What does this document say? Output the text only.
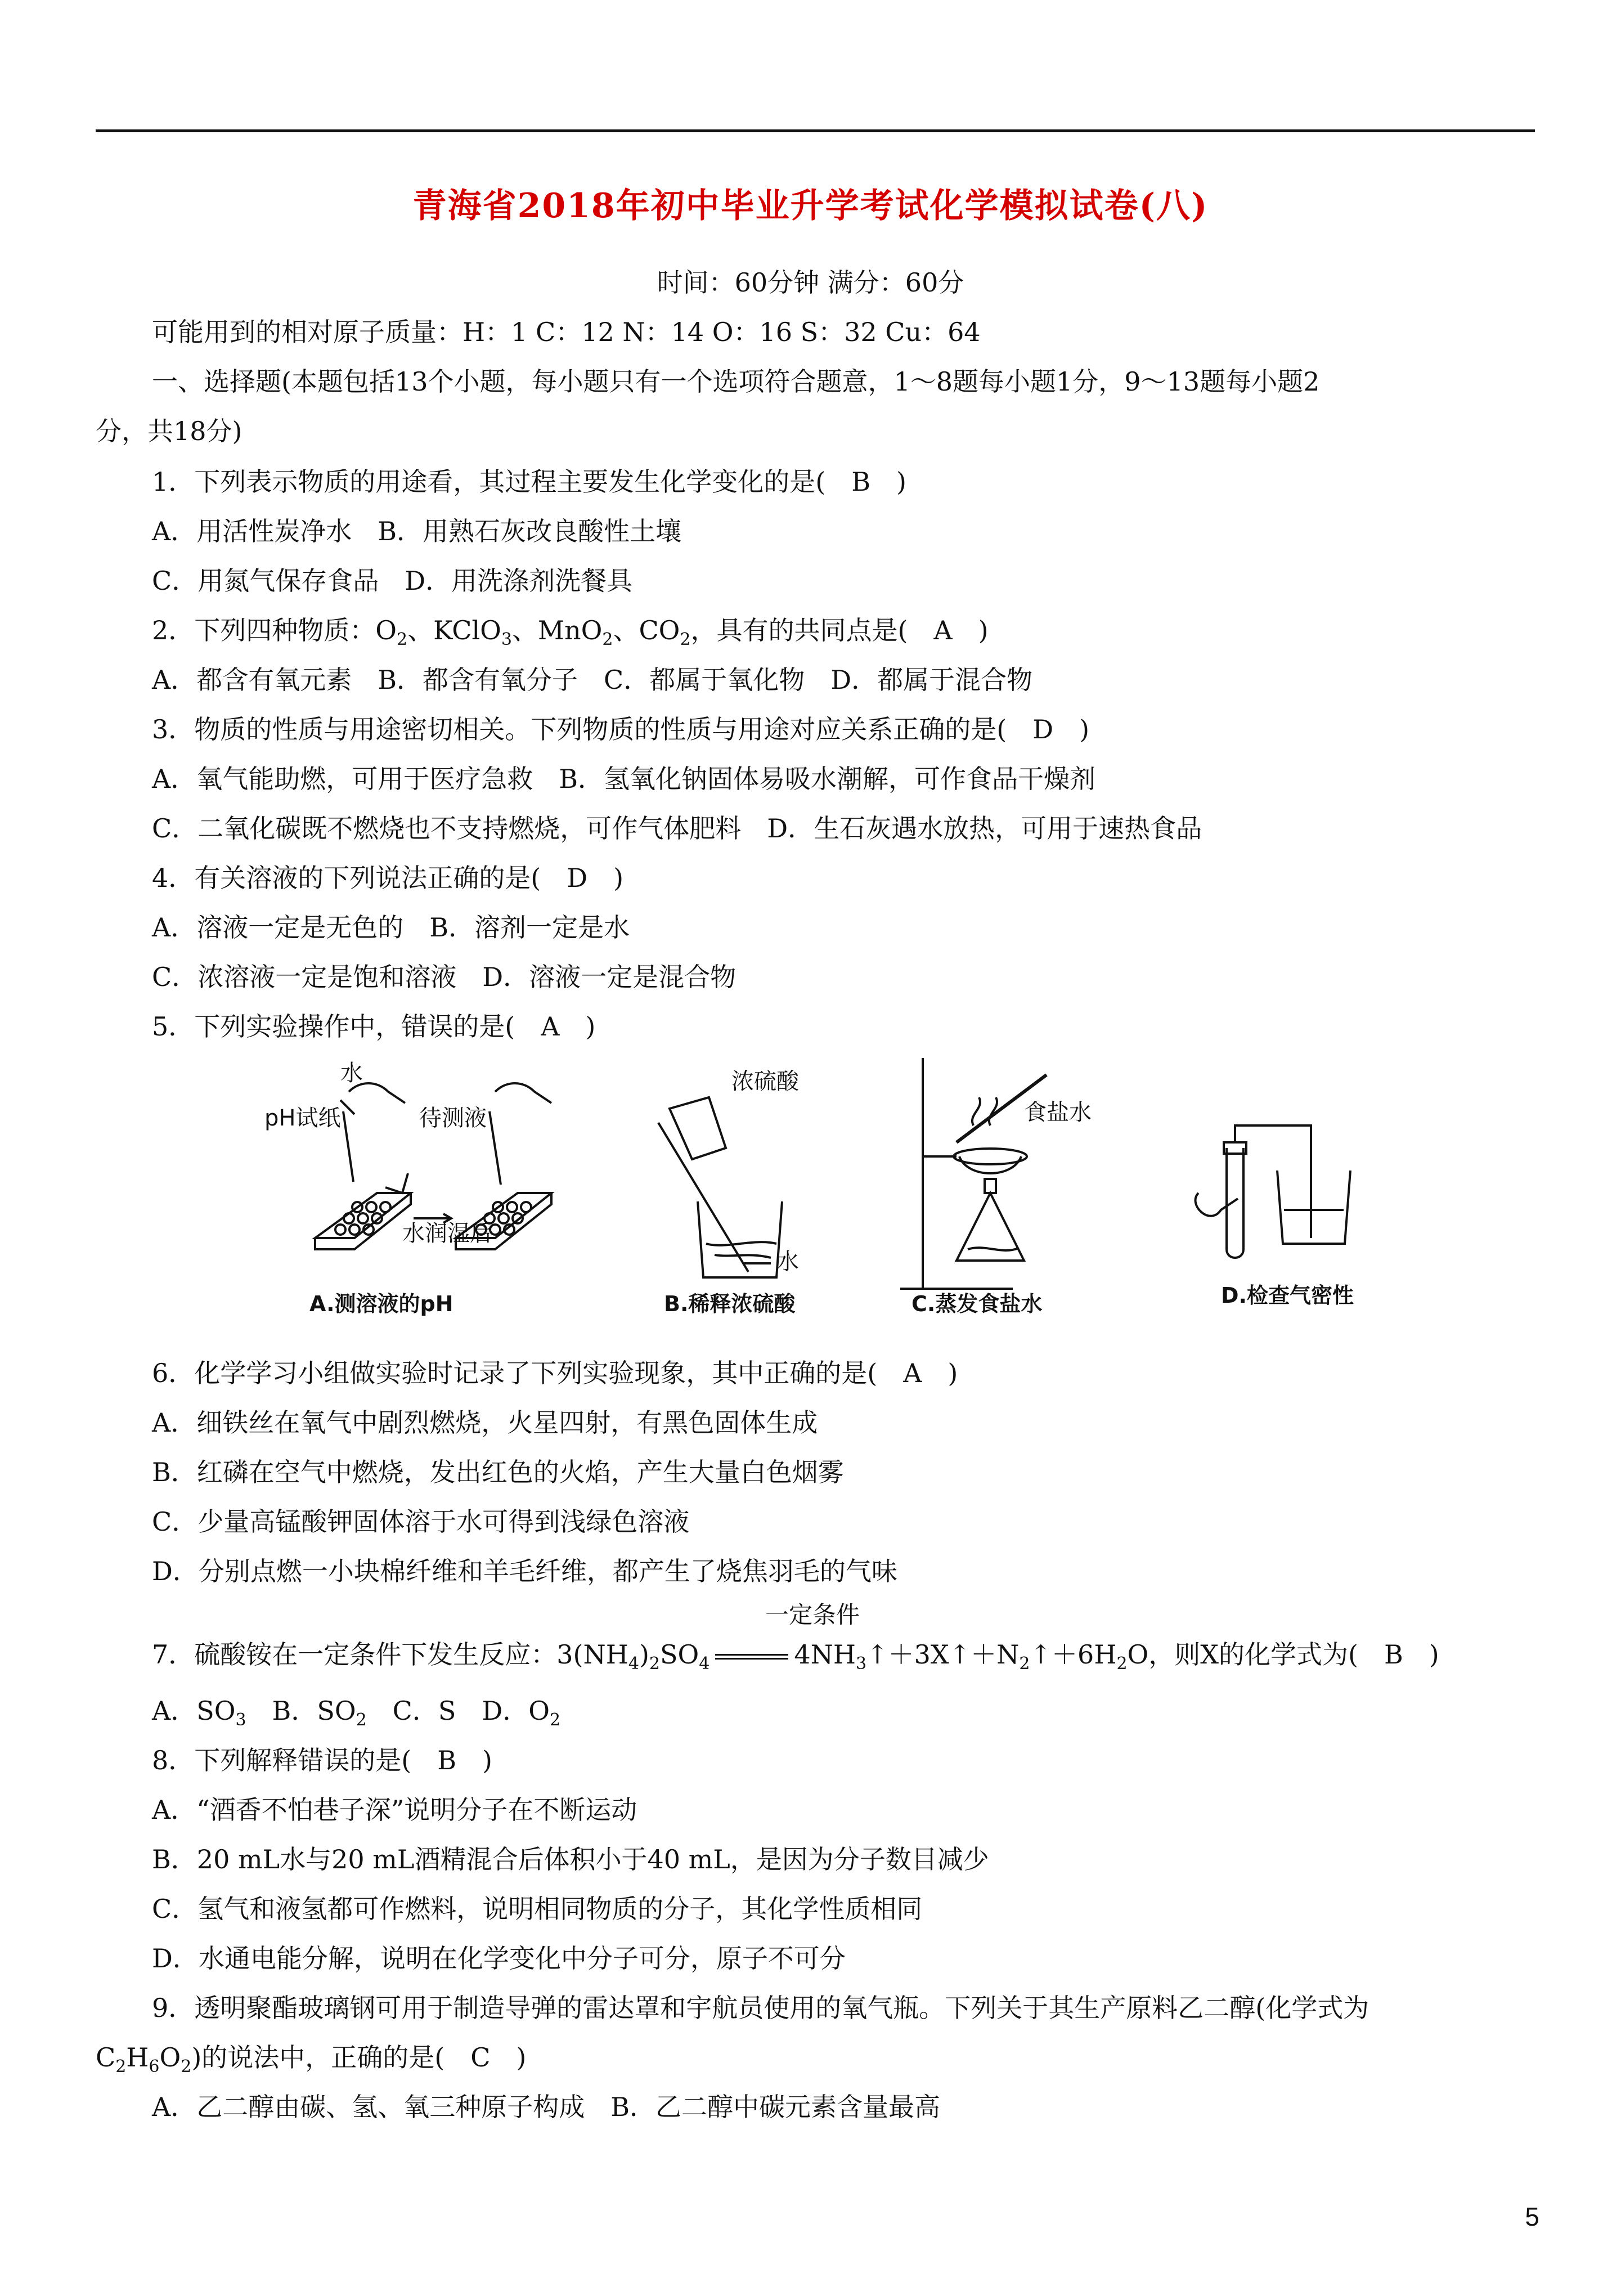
青海省2018年初中毕业升学考试化学模拟试卷(八)
时间：60分钟 满分：60分
可能用到的相对原子质量：H：1 C：12 N：14 O：16 S：32 Cu：64
一、选择题(本题包括13个小题，每小题只有一个选项符合题意，1～8题每小题1分，9～13题每小题2
分，共18分)
1．下列表示物质的用途看，其过程主要发生化学变化的是(　B　)
A．用活性炭净水　B．用熟石灰改良酸性土壤
C．用氮气保存食品　D．用洗涤剂洗餐具
2．下列四种物质：$O_2$、KClO$_3$、MnO$_2$、$CO_2$，具有的共同点是(　A　)
A．都含有氧元素　B．都含有氧分子　C．都属于氧化物　D．都属于混合物
3．物质的性质与用途密切相关。下列物质的性质与用途对应关系正确的是(　D　)
A．氧气能助燃，可用于医疗急救　B．氢氧化钠固体易吸水潮解，可作食品干燥剂
C．二氧化碳既不燃烧也不支持燃烧，可作气体肥料　D．生石灰遇水放热，可用于速热食品
4．有关溶液的下列说法正确的是(　D　)
A．溶液一定是无色的　B．溶剂一定是水
C．浓溶液一定是饱和溶液　D．溶液一定是混合物
5．下列实验操作中，错误的是(　A　)
水
pH试纸	待测液
水润湿后
A.测溶液的pH
浓硫酸
水
B.稀释浓硫酸
食盐水
C.蒸发食盐水	D.检查气密性
6．化学学习小组做实验时记录了下列实验现象，其中正确的是(　A　)
A．细铁丝在氧气中剧烈燃烧，火星四射，有黑色固体生成
B．红磷在空气中燃烧，发出红色的火焰，产生大量白色烟雾
C．少量高锰酸钾固体溶于水可得到浅绿色溶液
D．分别点燃一小块棉纤维和羊毛纤维，都产生了烧焦羽毛的气味
一定条件
7．硫酸铵在一定条件下发生反应：$3(NH_4)_2SO_4$	$4NH_3↑+3X↑+N_2↑+6H_2O$，则X的化学式为(　B　)
A．$SO_3$　B．$SO_2$　C．S　D．$O_2$
8．下列解释错误的是(　B　)
A．“酒香不怕巷子深”说明分子在不断运动
B．20 mL水与20 mL酒精混合后体积小于40 mL，是因为分子数目减少
C．氢气和液氢都可作燃料，说明相同物质的分子，其化学性质相同
D．水通电能分解，说明在化学变化中分子可分，原子不可分
9．透明聚酯玻璃钢可用于制造导弹的雷达罩和宇航员使用的氧气瓶。下列关于其生产原料乙二醇(化学式为
$C_2H_6O_2$)的说法中，正确的是(　C　)
A．乙二醇由碳、氢、氧三种原子构成　B．乙二醇中碳元素含量最高
5
